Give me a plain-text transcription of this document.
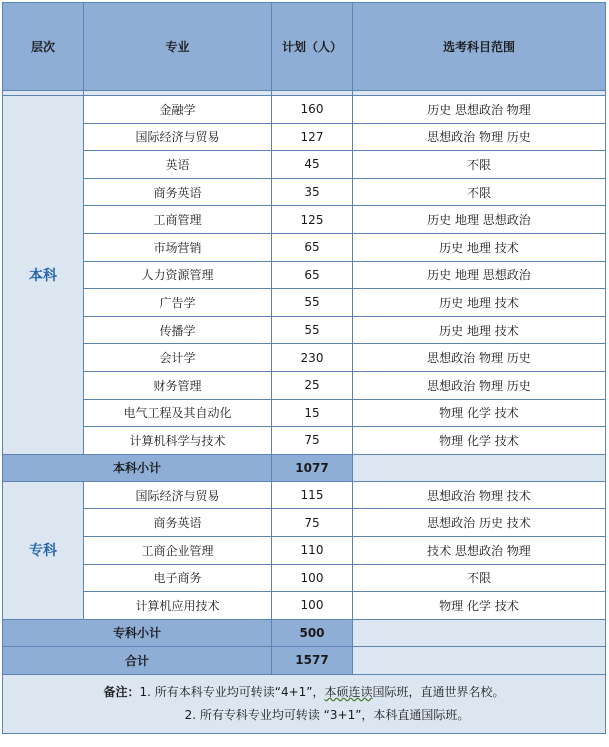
层次	专业	计划（人）	选考科目范围

本科	金融学	160	历史 思想政治 物理
	国际经济与贸易	127	思想政治 物理 历史
	英语	45	不限
	商务英语	35	不限
	工商管理	125	历史 地理 思想政治
	市场营销	65	历史 地理 技术
	人力资源管理	65	历史 地理 思想政治
	广告学	55	历史 地理 技术
	传播学	55	历史 地理 技术
	会计学	230	思想政治 物理 历史
	财务管理	25	思想政治 物理 历史
	电气工程及其自动化	15	物理 化学 技术
	计算机科学与技术	75	物理 化学 技术
本科小计		1077	
专科	国际经济与贸易	115	思想政治 物理 技术
	商务英语	75	思想政治 历史 技术
	工商企业管理	110	技术 思想政治 物理
	电子商务	100	不限
	计算机应用技术	100	物理 化学 技术
专科小计		500	
合计		1577	
备注：1. 所有本科专业均可转读“4+1”，本硕连读国际班，直通世界名校。
2. 所有专科专业均可转读 “3+1”，本科直通国际班。			
